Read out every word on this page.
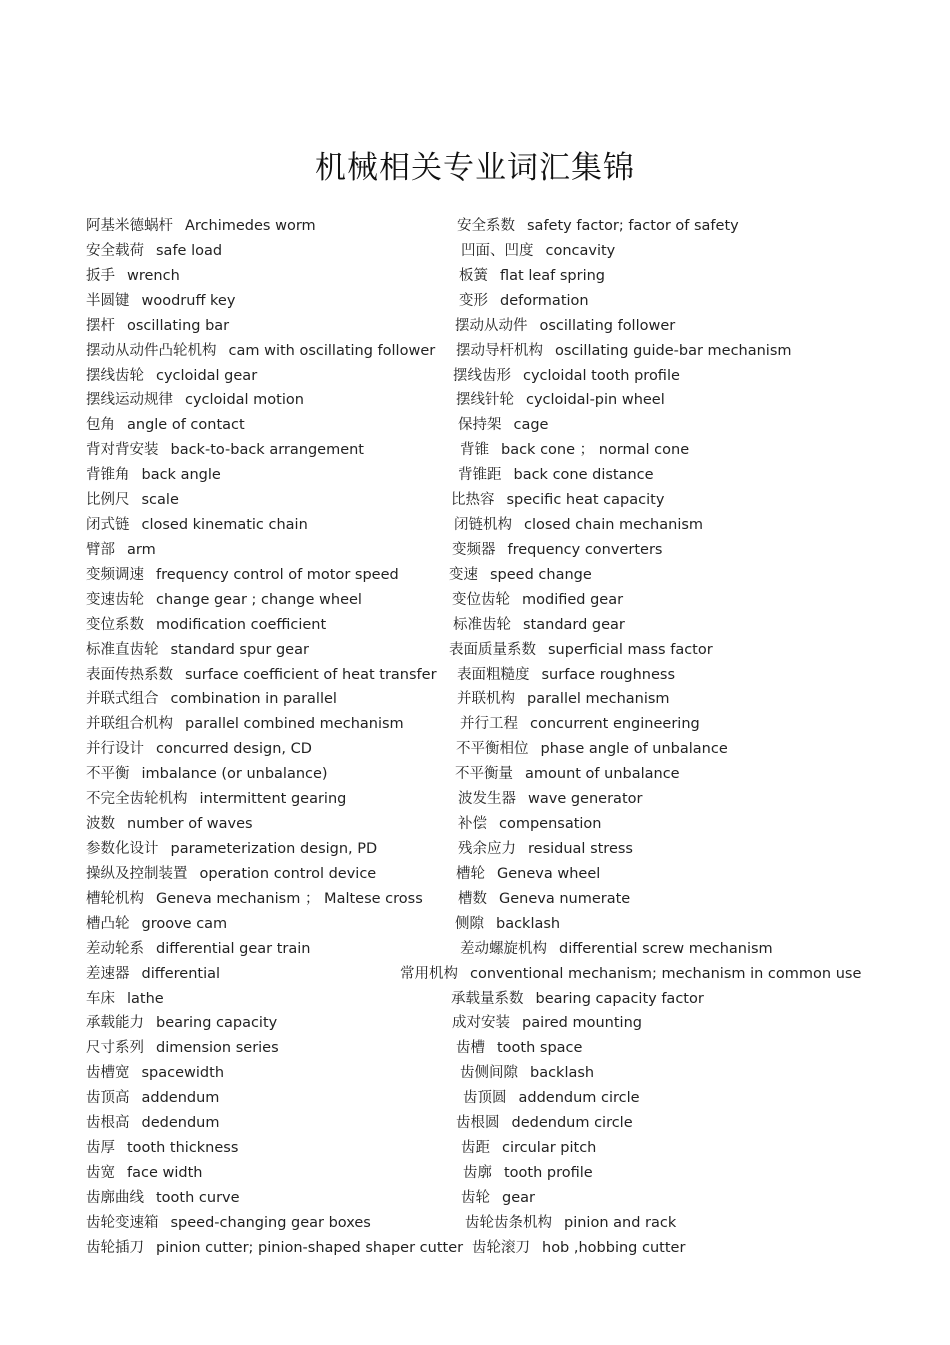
机械相关专业词汇集锦
阿基米德蜗杆 Archimedes worm	安全系数 safety factor; factor of safety
安全载荷 safe load	凹面、凹度 concavity
扳手 wrench	板簧 flat leaf spring
半圆键 woodruff key	变形 deformation
摆杆 oscillating bar	摆动从动件 oscillating follower
摆动从动件凸轮机构 cam with oscillating follower 摆动导杆机构 oscillating guide-bar mechanism
摆线齿轮 cycloidal gear	摆线齿形 cycloidal tooth profile
摆线运动规律 cycloidal motion	摆线针轮 cycloidal-pin wheel
包角 angle of contact	保持架 cage
背对背安装 back-to-back arrangement	背锥 back cone ； normal cone
背锥角 back angle	背锥距 back cone distance
比例尺 scale	比热容 specific heat capacity
闭式链 closed kinematic chain	闭链机构 closed chain mechanism
臂部 arm	变频器 frequency converters
变频调速 frequency control of motor speed	变速 speed change
变速齿轮 change gear ; change wheel	变位齿轮 modified gear
变位系数 modification coefficient	标准齿轮 standard gear
标准直齿轮 standard spur gear	表面质量系数 superficial mass factor
表面传热系数 surface coefficient of heat transfer 表面粗糙度 surface roughness
并联式组合 combination in parallel	并联机构 parallel mechanism
并联组合机构 parallel combined mechanism	并行工程 concurrent engineering
并行设计 concurred design, CD	不平衡相位 phase angle of unbalance
不平衡 imbalance (or unbalance)	不平衡量 amount of unbalance
不完全齿轮机构 intermittent gearing	波发生器 wave generator
波数 number of waves	补偿 compensation
参数化设计 parameterization design, PD	残余应力 residual stress
操纵及控制装置 operation control device	槽轮 Geneva wheel
槽轮机构 Geneva mechanism ； Maltese cross 槽数 Geneva numerate
槽凸轮 groove cam	侧隙 backlash
差动轮系 differential gear train	差动螺旋机构 differential screw mechanism
差速器 differential	常用机构 conventional mechanism; mechanism in common use
车床 lathe	承载量系数 bearing capacity factor
承载能力 bearing capacity	成对安装 paired mounting
尺寸系列 dimension series	齿槽 tooth space
齿槽宽 spacewidth	齿侧间隙 backlash
齿顶高 addendum	齿顶圆 addendum circle
齿根高 dedendum	齿根圆 dedendum circle
齿厚 tooth thickness	齿距 circular pitch
齿宽 face width	齿廓 tooth profile
齿廓曲线 tooth curve	齿轮 gear
齿轮变速箱 speed-changing gear boxes	齿轮齿条机构 pinion and rack
齿轮插刀 pinion cutter; pinion-shaped shaper cutter 齿轮滚刀 hob ,hobbing cutter
